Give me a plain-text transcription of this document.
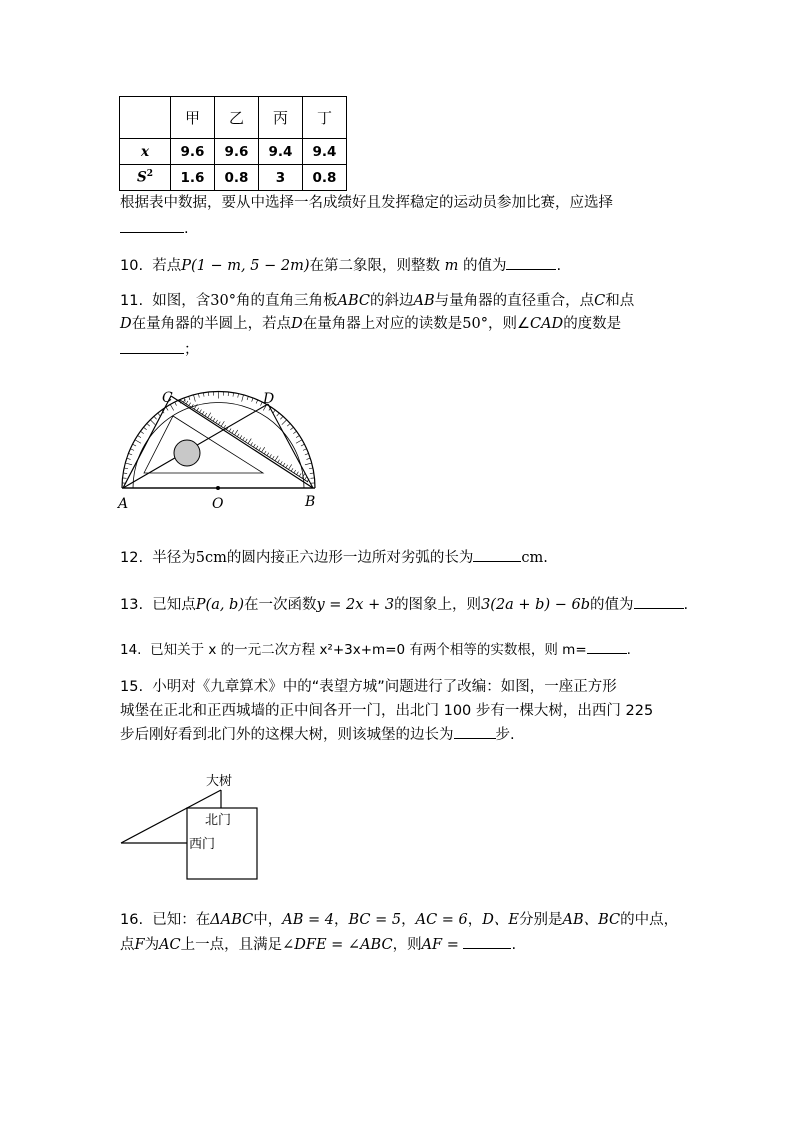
	甲	乙	丙	丁
x	9.6	9.6	9.4	9.4
$S^2$	1.6	0.8	3	0.8
根据表中数据，要从中选择一名成绩好且发挥稳定的运动员参加比赛，应选择
.
10. 若点P(1 − m, 5 − 2m)在第二象限，则整数 m 的值为	.
11. 如图，含30°角的直角三角板ABC的斜边AB与量角器的直径重合，点C和点
D在量角器的半圆上，若点D在量角器上对应的读数是50°，则∠CAD的度数是
；
A	O	B
C	D
12. 半径为5cm的圆内接正六边形一边所对劣弧的长为	cm.
13. 已知点P(a, b)在一次函数y = 2x + 3的图象上，则3(2a + b) − 6b的值为	.
14. 已知关于 x 的一元二次方程 x²+3x+m=0 有两个相等的实数根，则 m=	.
15. 小明对《九章算术》中的“表望方城”问题进行了改编：如图，一座正方形
城堡在正北和正西城墙的正中间各开一门，出北门 100 步有一棵大树，出西门 225
步后刚好看到北门外的这棵大树，则该城堡的边长为	步.
大树
北门
西门
16. 已知：在ΔABC中，AB = 4，BC = 5，AC = 6，D、E分别是AB、BC的中点，
点F为AC上一点，且满足∠DFE = ∠ABC，则AF =	.
